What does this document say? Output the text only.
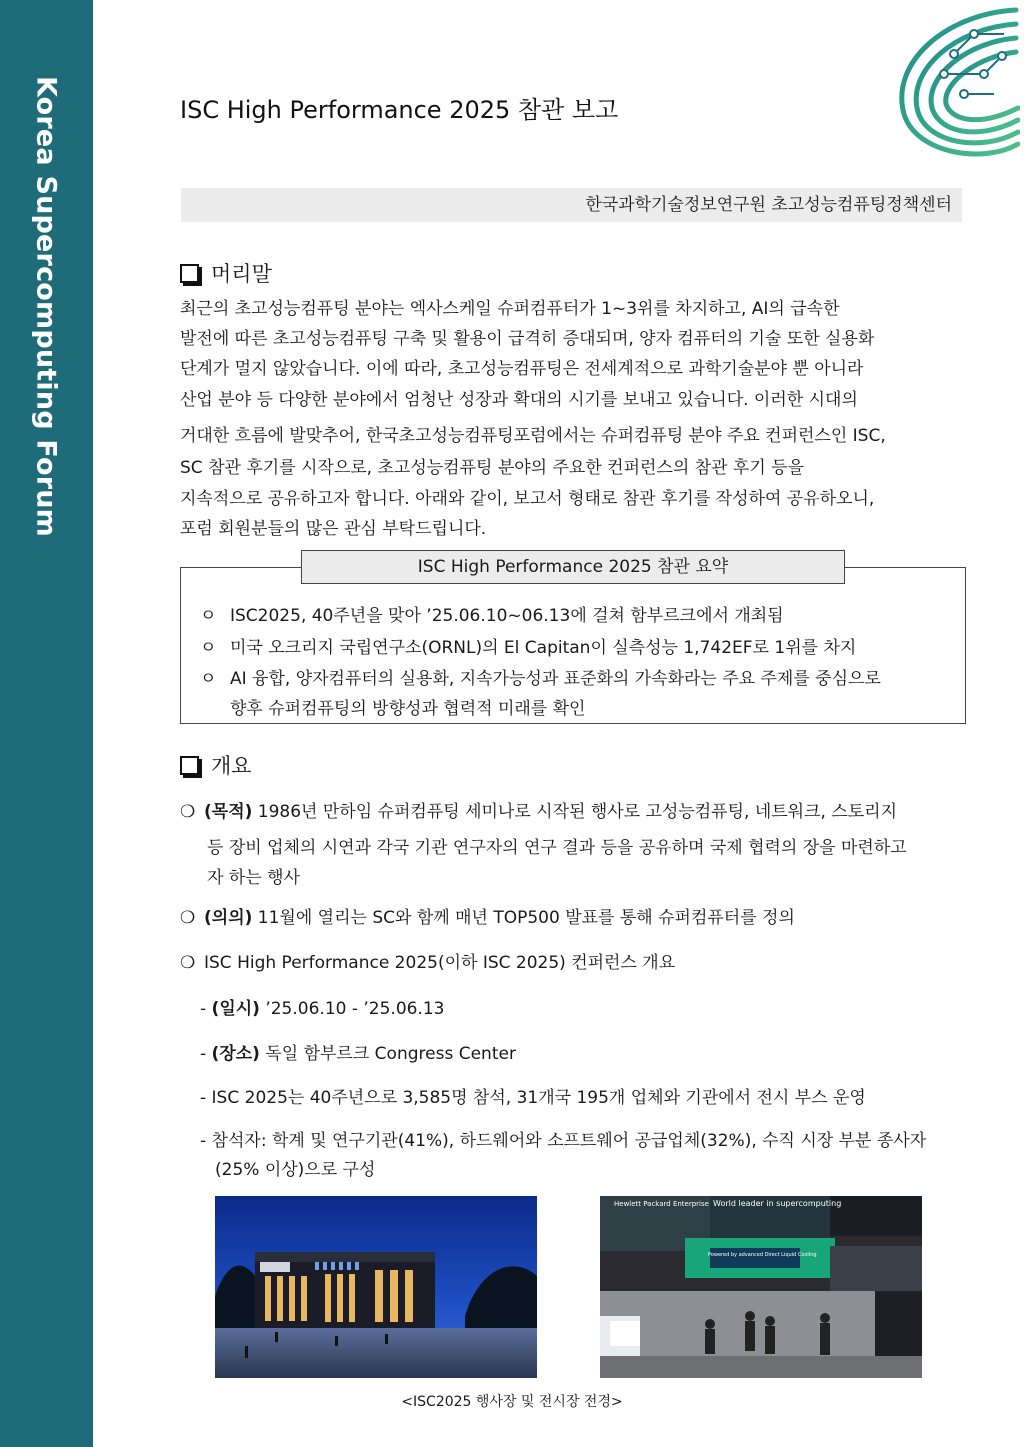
Korea Supercomputing Forum	ISC High Performance 2025 참관 보고
한국과학기술정보연구원 초고성능컴퓨팅정책센터
머리말
최근의 초고성능컴퓨팅 분야는 엑사스케일 슈퍼컴퓨터가 1~3위를 차지하고, AI의 급속한
발전에 따른 초고성능컴퓨팅 구축 및 활용이 급격히 증대되며, 양자 컴퓨터의 기술 또한 실용화
단계가 멀지 않았습니다. 이에 따라, 초고성능컴퓨팅은 전세계적으로 과학기술분야 뿐 아니라
산업 분야 등 다양한 분야에서 엄청난 성장과 확대의 시기를 보내고 있습니다. 이러한 시대의
거대한 흐름에 발맞추어, 한국초고성능컴퓨팅포럼에서는 슈퍼컴퓨팅 분야 주요 컨퍼런스인 ISC,
SC 참관 후기를 시작으로, 초고성능컴퓨팅 분야의 주요한 컨퍼런스의 참관 후기 등을
지속적으로 공유하고자 합니다. 아래와 같이, 보고서 형태로 참관 후기를 작성하여 공유하오니,
포럼 회원분들의 많은 관심 부탁드립니다.
ISC High Performance 2025 참관 요약
ㅇ ISC2025, 40주년을 맞아 ’25.06.10~06.13에 걸쳐 함부르크에서 개최됨
ㅇ 미국 오크리지 국립연구소(ORNL)의 El Capitan이 실측성능 1,742EF로 1위를 차지
ㅇ AI 융합, 양자컴퓨터의 실용화, 지속가능성과 표준화의 가속화라는 주요 주제를 중심으로
향후 슈퍼컴퓨팅의 방향성과 협력적 미래를 확인
개요
❍ (목적) 1986년 만하임 슈퍼컴퓨팅 세미나로 시작된 행사로 고성능컴퓨팅, 네트워크, 스토리지
등 장비 업체의 시연과 각국 기관 연구자의 연구 결과 등을 공유하며 국제 협력의 장을 마련하고
자 하는 행사
❍ (의의) 11월에 열리는 SC와 함께 매년 TOP500 발표를 통해 슈퍼컴퓨터를 정의
❍ ISC High Performance 2025(이하 ISC 2025) 컨퍼런스 개요
- (일시) ’25.06.10 - ’25.06.13
- (장소) 독일 함부르크 Congress Center
- ISC 2025는 40주년으로 3,585명 참석, 31개국 195개 업체와 기관에서 전시 부스 운영
- 참석자: 학계 및 연구기관(41%), 하드웨어와 소프트웨어 공급업체(32%), 수직 시장 부분 종사자
(25% 이상)으로 구성
Hewlett Packard Enterprise World leader in supercomputing
Powered by advanced Direct Liquid Cooling
<ISC2025 행사장 및 전시장 전경>
